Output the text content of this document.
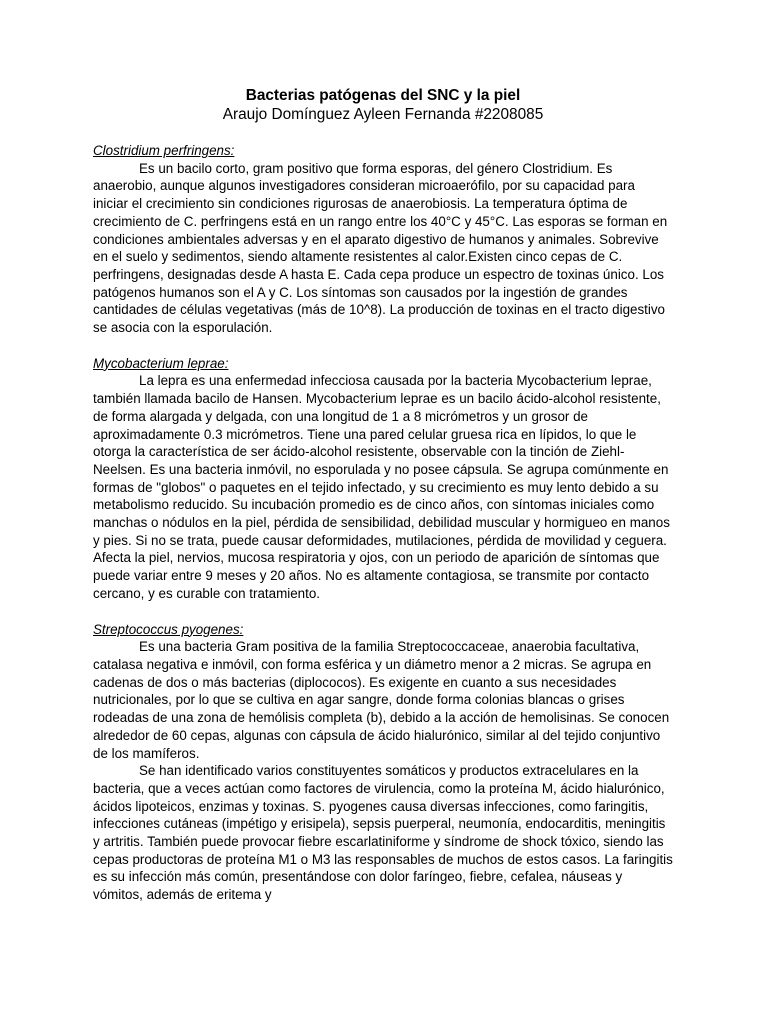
Bacterias patógenas del SNC y la piel

Araujo Domínguez Ayleen Fernanda #2208085

Clostridium perfringens:

Es un bacilo corto, gram positivo que forma esporas, del género Clostridium. Es anaerobio, aunque algunos investigadores consideran microaerófilo, por su capacidad para iniciar el crecimiento sin condiciones rigurosas de anaerobiosis. La temperatura óptima de crecimiento de C. perfringens está en un rango entre los 40°C y 45°C. Las esporas se forman en condiciones ambientales adversas y en el aparato digestivo de humanos y animales. Sobrevive en el suelo y sedimentos, siendo altamente resistentes al calor.Existen cinco cepas de C. perfringens, designadas desde A hasta E. Cada cepa produce un espectro de toxinas único. Los patógenos humanos son el A y C. Los síntomas son causados por la ingestión de grandes cantidades de células vegetativas (más de 10^8). La producción de toxinas en el tracto digestivo se asocia con la esporulación.

Mycobacterium leprae:

La lepra es una enfermedad infecciosa causada por la bacteria Mycobacterium leprae, también llamada bacilo de Hansen. Mycobacterium leprae es un bacilo ácido-alcohol resistente, de forma alargada y delgada, con una longitud de 1 a 8 micrómetros y un grosor de aproximadamente 0.3 micrómetros. Tiene una pared celular gruesa rica en lípidos, lo que le otorga la característica de ser ácido-alcohol resistente, observable con la tinción de Ziehl-Neelsen. Es una bacteria inmóvil, no esporulada y no posee cápsula. Se agrupa comúnmente en formas de "globos" o paquetes en el tejido infectado, y su crecimiento es muy lento debido a su metabolismo reducido. Su incubación promedio es de cinco años, con síntomas iniciales como manchas o nódulos en la piel, pérdida de sensibilidad, debilidad muscular y hormigueo en manos y pies. Si no se trata, puede causar deformidades, mutilaciones, pérdida de movilidad y ceguera. Afecta la piel, nervios, mucosa respiratoria y ojos, con un periodo de aparición de síntomas que puede variar entre 9 meses y 20 años. No es altamente contagiosa, se transmite por contacto cercano, y es curable con tratamiento.

Streptococcus pyogenes:

Es una bacteria Gram positiva de la familia Streptococcaceae, anaerobia facultativa, catalasa negativa e inmóvil, con forma esférica y un diámetro menor a 2 micras. Se agrupa en cadenas de dos o más bacterias (diplococos). Es exigente en cuanto a sus necesidades nutricionales, por lo que se cultiva en agar sangre, donde forma colonias blancas o grises rodeadas de una zona de hemólisis completa (b), debido a la acción de hemolisinas. Se conocen alrededor de 60 cepas, algunas con cápsula de ácido hialurónico, similar al del tejido conjuntivo de los mamíferos.

Se han identificado varios constituyentes somáticos y productos extracelulares en la bacteria, que a veces actúan como factores de virulencia, como la proteína M, ácido hialurónico, ácidos lipoteicos, enzimas y toxinas. S. pyogenes causa diversas infecciones, como faringitis, infecciones cutáneas (impétigo y erisipela), sepsis puerperal, neumonía, endocarditis, meningitis y artritis. También puede provocar fiebre escarlatiniforme y síndrome de shock tóxico, siendo las cepas productoras de proteína M1 o M3 las responsables de muchos de estos casos. La faringitis es su infección más común, presentándose con dolor faríngeo, fiebre, cefalea, náuseas y vómitos, además de eritema y
